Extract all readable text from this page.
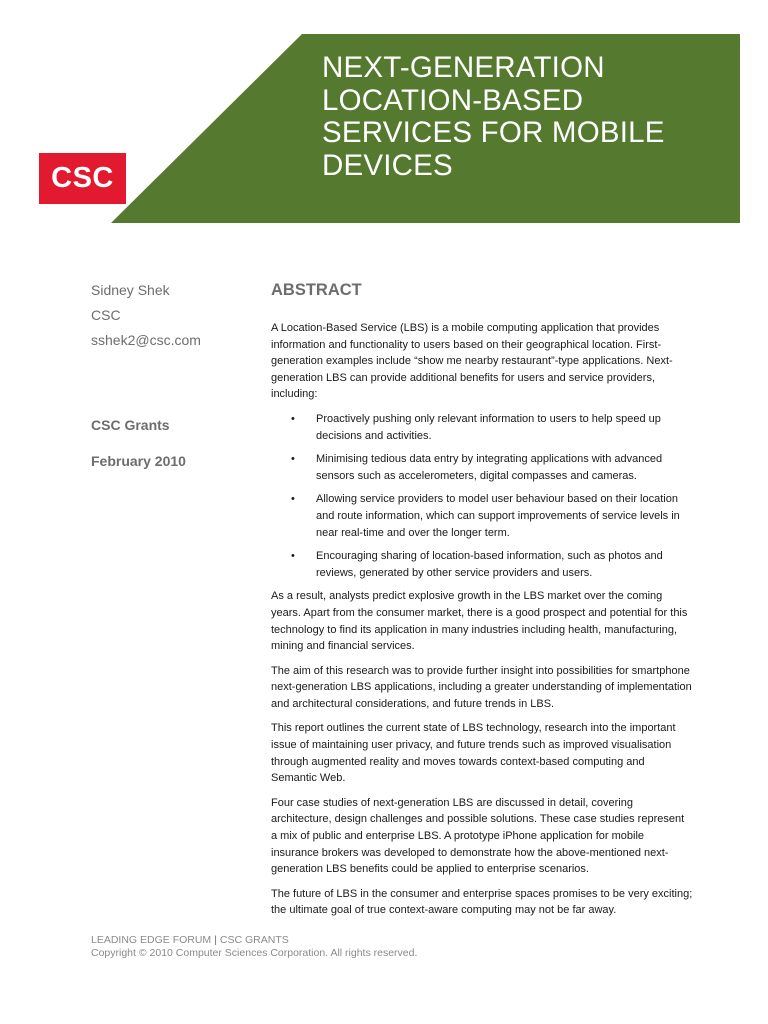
CSC
NEXT-GENERATION
LOCATION-BASED
SERVICES FOR MOBILE
DEVICES
Sidney Shek
CSC
sshek2@csc.com
CSC Grants
February 2010
ABSTRACT

A Location-Based Service (LBS) is a mobile computing application that provides information and functionality to users based on their geographical location. First-generation examples include “show me nearby restaurant”-type applications. Next-generation LBS can provide additional benefits for users and service providers, including:

• Proactively pushing only relevant information to users to help speed up decisions and activities.
• Minimising tedious data entry by integrating applications with advanced sensors such as accelerometers, digital compasses and cameras.
• Allowing service providers to model user behaviour based on their location and route information, which can support improvements of service levels in near real-time and over the longer term.
• Encouraging sharing of location-based information, such as photos and reviews, generated by other service providers and users.

As a result, analysts predict explosive growth in the LBS market over the coming years. Apart from the consumer market, there is a good prospect and potential for this technology to find its application in many industries including health, manufacturing, mining and financial services.

The aim of this research was to provide further insight into possibilities for smartphone next-generation LBS applications, including a greater understanding of implementation and architectural considerations, and future trends in LBS.

This report outlines the current state of LBS technology, research into the important issue of maintaining user privacy, and future trends such as improved visualisation through augmented reality and moves towards context-based computing and Semantic Web.

Four case studies of next-generation LBS are discussed in detail, covering architecture, design challenges and possible solutions. These case studies represent a mix of public and enterprise LBS. A prototype iPhone application for mobile insurance brokers was developed to demonstrate how the above-mentioned next-generation LBS benefits could be applied to enterprise scenarios.

The future of LBS in the consumer and enterprise spaces promises to be very exciting; the ultimate goal of true context-aware computing may not be far away.

LEADING EDGE FORUM | CSC GRANTS
Copyright © 2010 Computer Sciences Corporation. All rights reserved.
